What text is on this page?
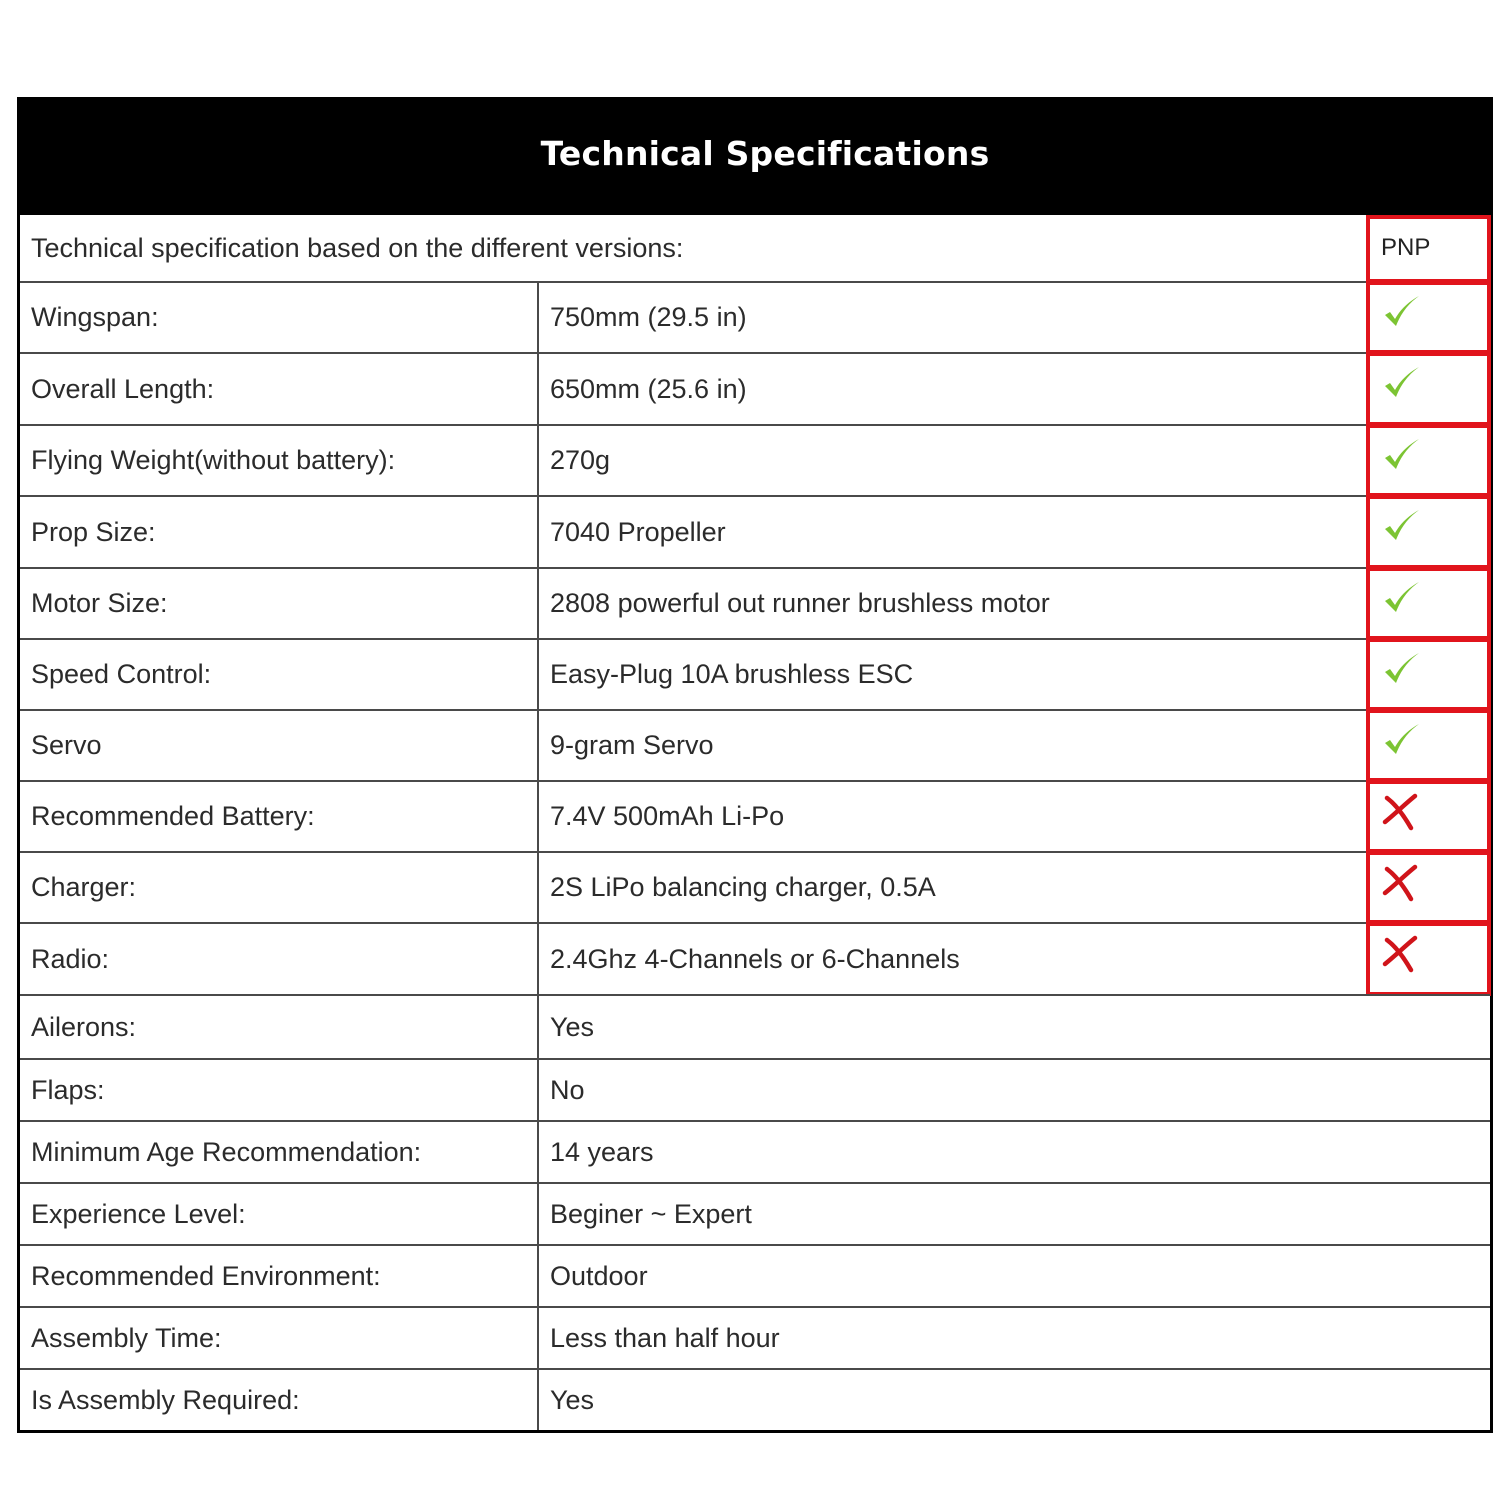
Technical Specifications
Technical specification based on the different versions:	PNP
Wingspan:	750mm (29.5 in)
Overall Length:	650mm (25.6 in)
Flying Weight(without battery):	270g
Prop Size:	7040 Propeller
Motor Size:	2808 powerful out runner brushless motor
Speed Control:	Easy-Plug 10A brushless ESC
Servo	9-gram Servo
Recommended Battery:	7.4V 500mAh Li-Po
Charger:	2S LiPo balancing charger, 0.5A
Radio:	2.4Ghz 4-Channels or 6-Channels
Ailerons:	Yes
Flaps:	No
Minimum Age Recommendation:	14 years
Experience Level:	Beginer ~ Expert
Recommended Environment:	Outdoor
Assembly Time:	Less than half hour
Is Assembly Required:	Yes
